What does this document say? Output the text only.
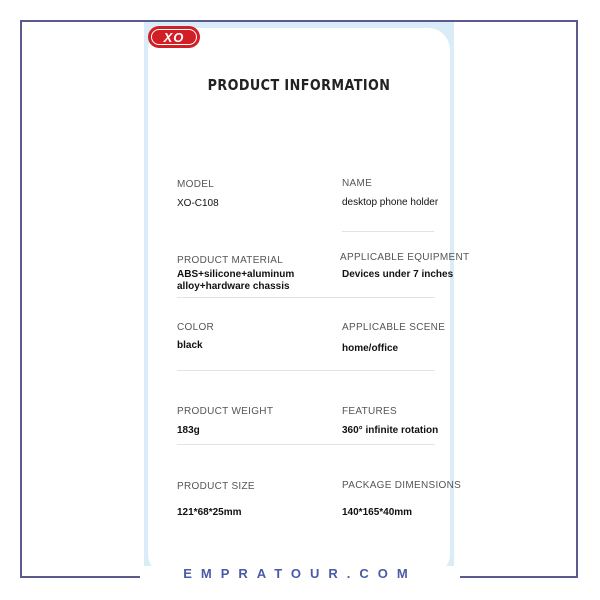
XO
PRODUCT INFORMATION
MODEL
XO-C108
NAME
desktop phone holder
PRODUCT MATERIAL
ABS+silicone+aluminum
alloy+hardware chassis
APPLICABLE EQUIPMENT
Devices under 7 inches
COLOR
black
APPLICABLE SCENE
home/office
PRODUCT WEIGHT
183g
FEATURES
360° infinite rotation
PRODUCT SIZE
121*68*25mm
PACKAGE DIMENSIONS
140*165*40mm
EMPRATOUR.COM
